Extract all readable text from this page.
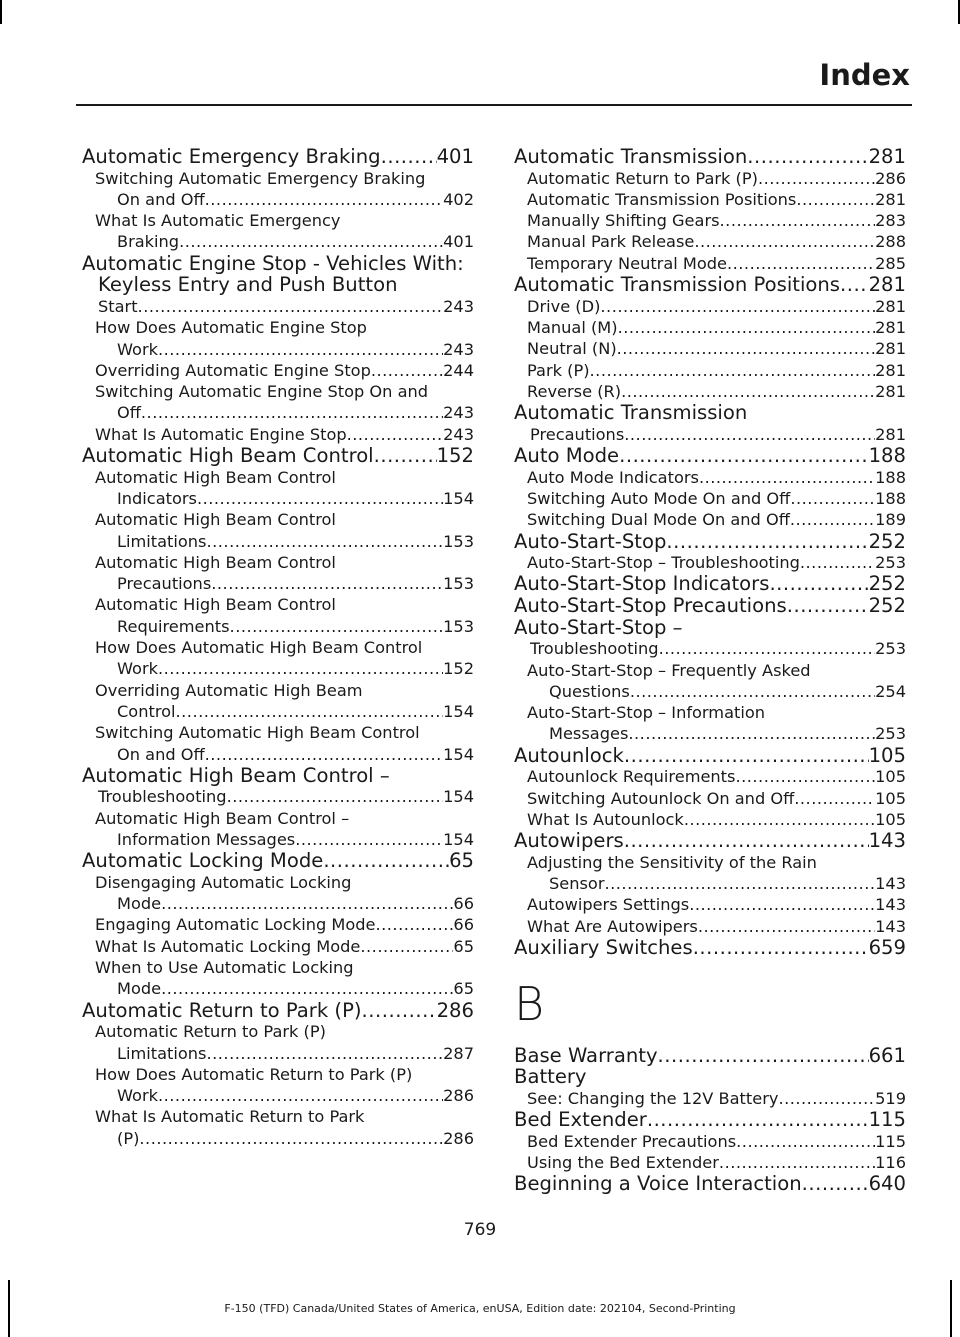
Index
Automatic Emergency Braking .....	401
Switching Automatic Emergency Braking
On and Off .....	402
What Is Automatic Emergency
Braking .....	401
Automatic Engine Stop - Vehicles With:
Keyless Entry and Push Button
Start .....	243
How Does Automatic Engine Stop
Work .....	243
Overriding Automatic Engine Stop .....	244
Switching Automatic Engine Stop On and
Off .....	243
What Is Automatic Engine Stop .....	243
Automatic High Beam Control .....	152
Automatic High Beam Control
Indicators .....	154
Automatic High Beam Control
Limitations .....	153
Automatic High Beam Control
Precautions .....	153
Automatic High Beam Control
Requirements .....	153
How Does Automatic High Beam Control
Work .....	152
Overriding Automatic High Beam
Control .....	154
Switching Automatic High Beam Control
On and Off .....	154
Automatic High Beam Control –
Troubleshooting .....	154
Automatic High Beam Control –
Information Messages .....	154
Automatic Locking Mode .....	65
Disengaging Automatic Locking
Mode .....	66
Engaging Automatic Locking Mode .....	66
What Is Automatic Locking Mode .....	65
When to Use Automatic Locking
Mode .....	65
Automatic Return to Park (P) .....	286
Automatic Return to Park (P)
Limitations .....	287
How Does Automatic Return to Park (P)
Work .....	286
What Is Automatic Return to Park
(P) .....	286
Automatic Transmission .....	281
Automatic Return to Park (P) .....	286
Automatic Transmission Positions .....	281
Manually Shifting Gears .....	283
Manual Park Release .....	288
Temporary Neutral Mode .....	285
Automatic Transmission Positions ..... 281
Drive (D) .....	281
Manual (M) .....	281
Neutral (N) .....	281
Park (P) .....	281
Reverse (R) .....	281
Automatic Transmission
Precautions .....	281
Auto Mode .....	188
Auto Mode Indicators .....	188
Switching Auto Mode On and Off .....	188
Switching Dual Mode On and Off .....	189
Auto-Start-Stop .....	252
Auto-Start-Stop – Troubleshooting .....	253
Auto-Start-Stop Indicators .....	252
Auto-Start-Stop Precautions .....	252
Auto-Start-Stop –
Troubleshooting .....	253
Auto-Start-Stop – Frequently Asked
Questions .....	254
Auto-Start-Stop – Information
Messages .....	253
Autounlock .....	105
Autounlock Requirements .....	105
Switching Autounlock On and Off .....	105
What Is Autounlock .....	105
Autowipers .....	143
Adjusting the Sensitivity of the Rain
Sensor .....	143
Autowipers Settings .....	143
What Are Autowipers .....	143
Auxiliary Switches .....	659
B
Base Warranty .....	661
Battery
See: Changing the 12V Battery .....	519
Bed Extender .....	115
Bed Extender Precautions .....	115
Using the Bed Extender .....	116
Beginning a Voice Interaction .....	640
769
F-150 (TFD) Canada/United States of America, enUSA, Edition date: 202104, Second-Printing
